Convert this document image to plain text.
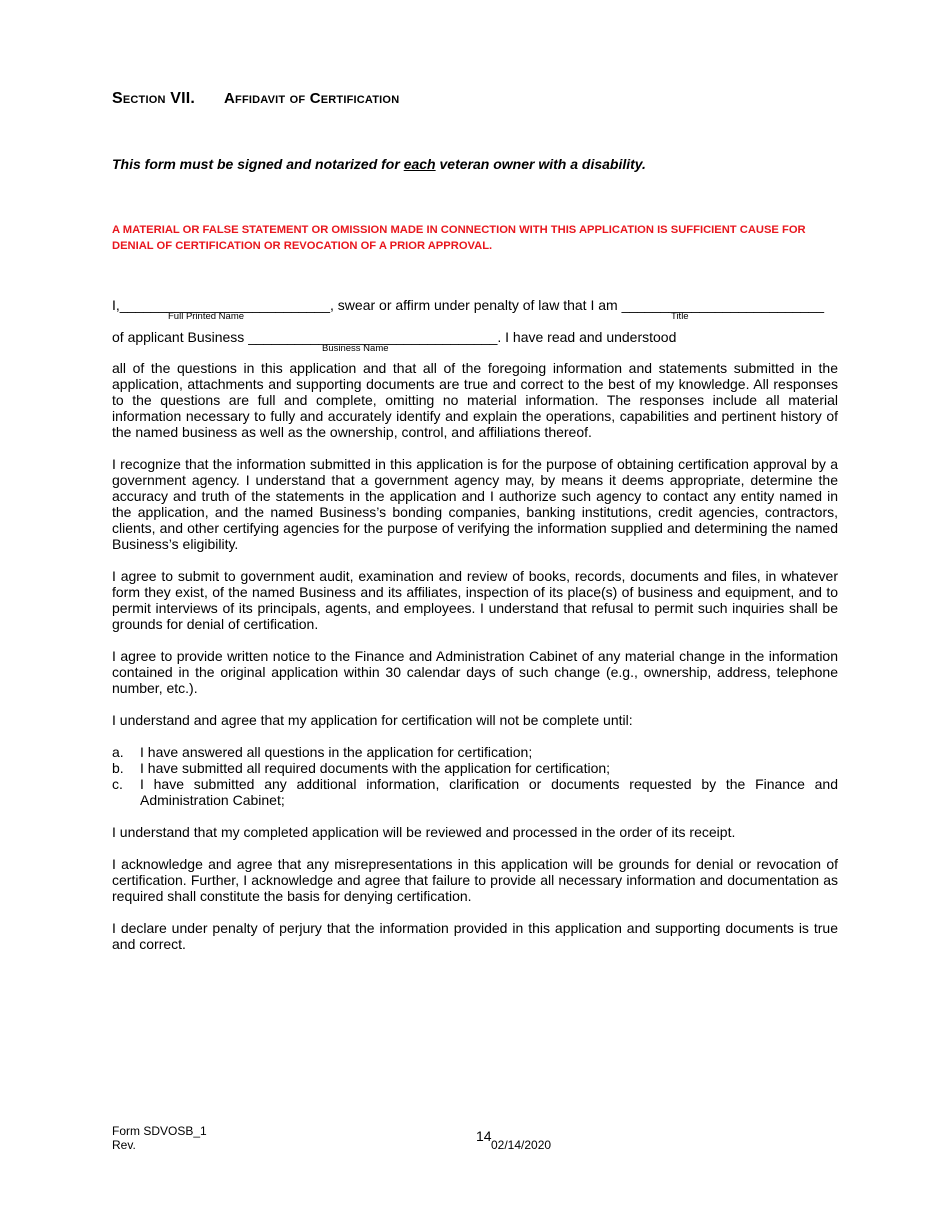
Section VII. Affidavit of Certification
This form must be signed and notarized for each veteran owner with a disability.
A MATERIAL OR FALSE STATEMENT OR OMISSION MADE IN CONNECTION WITH THIS APPLICATION IS SUFFICIENT CAUSE FOR DENIAL OF CERTIFICATION OR REVOCATION OF A PRIOR APPROVAL.
I,___________________________, swear or affirm under penalty of law that I am __________________________
Full Printed Name	Title
of applicant Business ________________________________. I have read and understood
Business Name

all of the questions in this application and that all of the foregoing information and statements submitted in the application, attachments and supporting documents are true and correct to the best of my knowledge. All responses to the questions are full and complete, omitting no material information. The responses include all material information necessary to fully and accurately identify and explain the operations, capabilities and pertinent history of the named business as well as the ownership, control, and affiliations thereof.

I recognize that the information submitted in this application is for the purpose of obtaining certification approval by a government agency. I understand that a government agency may, by means it deems appropriate, determine the accuracy and truth of the statements in the application and I authorize such agency to contact any entity named in the application, and the named Business’s bonding companies, banking institutions, credit agencies, contractors, clients, and other certifying agencies for the purpose of verifying the information supplied and determining the named Business’s eligibility.

I agree to submit to government audit, examination and review of books, records, documents and files, in whatever form they exist, of the named Business and its affiliates, inspection of its place(s) of business and equipment, and to permit interviews of its principals, agents, and employees. I understand that refusal to permit such inquiries shall be grounds for denial of certification.

I agree to provide written notice to the Finance and Administration Cabinet of any material change in the information contained in the original application within 30 calendar days of such change (e.g., ownership, address, telephone number, etc.).

I understand and agree that my application for certification will not be complete until:

a. I have answered all questions in the application for certification;
b. I have submitted all required documents with the application for certification;
c. I have submitted any additional information, clarification or documents requested by the Finance and Administration Cabinet;

I understand that my completed application will be reviewed and processed in the order of its receipt.

I acknowledge and agree that any misrepresentations in this application will be grounds for denial or revocation of certification. Further, I acknowledge and agree that failure to provide all necessary information and documentation as required shall constitute the basis for denying certification.

I declare under penalty of perjury that the information provided in this application and supporting documents is true and correct.

Form SDVOSB_1
Rev.
14
02/14/2020
